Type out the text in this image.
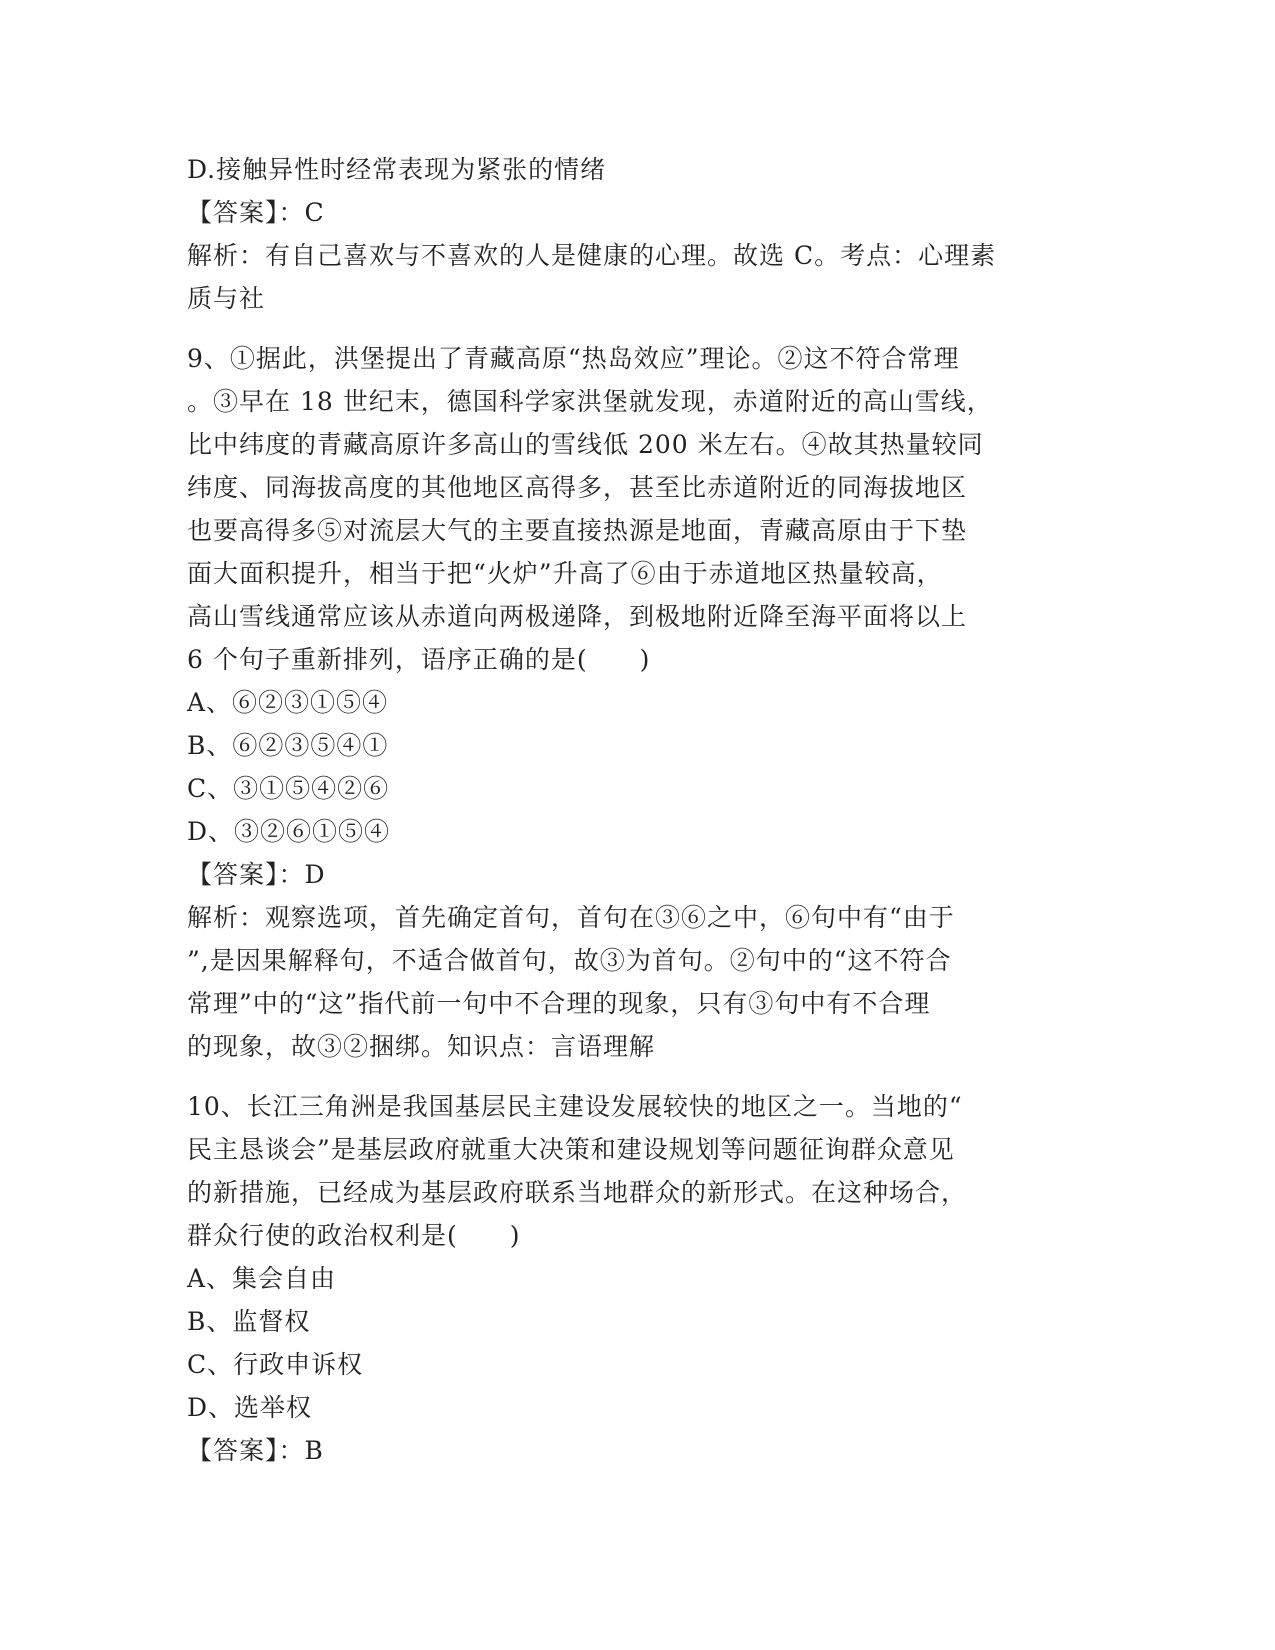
D.接触异性时经常表现为紧张的情绪
【答案】：C
解析：有自己喜欢与不喜欢的人是健康的心理。故选 C。考点：心理素
质与社
9、①据此，洪堡提出了青藏高原“热岛效应”理论。②这不符合常理
。③早在 18 世纪末，德国科学家洪堡就发现，赤道附近的高山雪线，
比中纬度的青藏高原许多高山的雪线低 200 米左右。④故其热量较同
纬度、同海拔高度的其他地区高得多，甚至比赤道附近的同海拔地区
也要高得多⑤对流层大气的主要直接热源是地面，青藏高原由于下垫
面大面积提升，相当于把“火炉”升高了⑥由于赤道地区热量较高，
高山雪线通常应该从赤道向两极递降，到极地附近降至海平面将以上
6 个句子重新排列，语序正确的是(　　)
A、⑥②③①⑤④
B、⑥②③⑤④①
C、③①⑤④②⑥
D、③②⑥①⑤④
【答案】：D
解析：观察选项，首先确定首句，首句在③⑥之中，⑥句中有“由于
”,是因果解释句，不适合做首句，故③为首句。②句中的“这不符合
常理”中的“这”指代前一句中不合理的现象，只有③句中有不合理
的现象，故③②捆绑。知识点：言语理解
10、长江三角洲是我国基层民主建设发展较快的地区之一。当地的“
民主恳谈会”是基层政府就重大决策和建设规划等问题征询群众意见
的新措施，已经成为基层政府联系当地群众的新形式。在这种场合，
群众行使的政治权利是(　　)
A、集会自由
B、监督权
C、行政申诉权
D、选举权
【答案】：B
